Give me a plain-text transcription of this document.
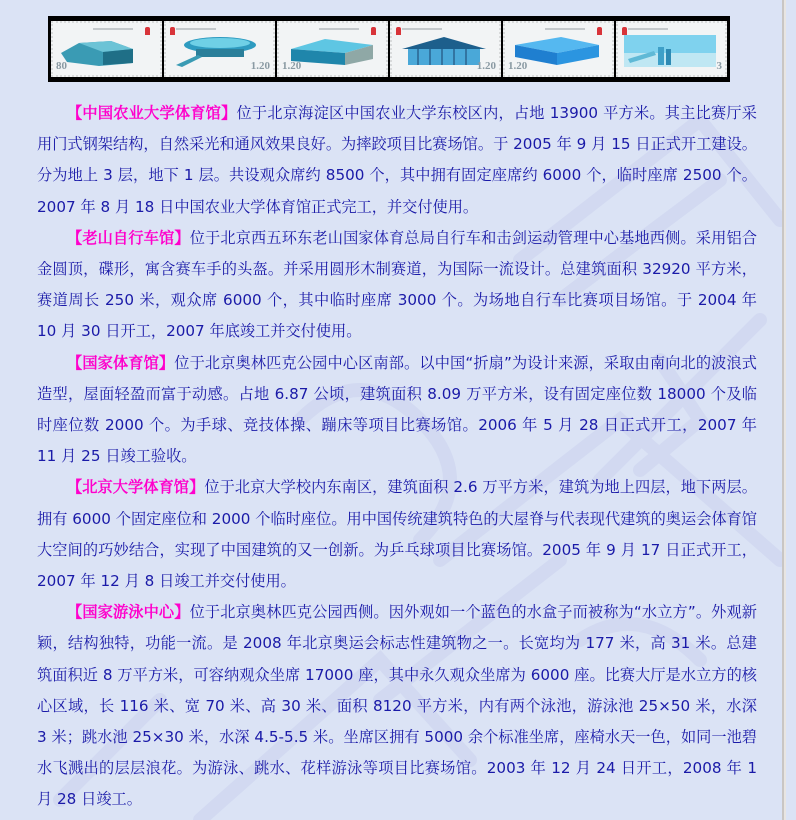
80	1.20 1.20	1.20 1.20	3

【中国农业大学体育馆】位于北京海淀区中国农业大学东校区内，占地 13900 平方米。其主比赛厅采用门式钢架结构，自然采光和通风效果良好。为摔跤项目比赛场馆。于 2005 年 9 月 15 日正式开工建设。分为地上 3 层，地下 1 层。共设观众席约 8500 个，其中拥有固定座席约 6000 个，临时座席 2500 个。2007 年 8 月 18 日中国农业大学体育馆正式完工，并交付使用。

【老山自行车馆】位于北京西五环东老山国家体育总局自行车和击剑运动管理中心基地西侧。采用铝合金圆顶，碟形，寓含赛车手的头盔。并采用圆形木制赛道，为国际一流设计。总建筑面积 32920 平方米，赛道周长 250 米，观众席 6000 个，其中临时座席 3000 个。为场地自行车比赛项目场馆。于 2004 年 10 月 30 日开工，2007 年底竣工并交付使用。

【国家体育馆】位于北京奥林匹克公园中心区南部。以中国“折扇”为设计来源，采取由南向北的波浪式造型，屋面轻盈而富于动感。占地 6.87 公顷，建筑面积 8.09 万平方米，设有固定座位数 18000 个及临时座位数 2000 个。为手球、竞技体操、蹦床等项目比赛场馆。2006 年 5 月 28 日正式开工，2007 年 11 月 25 日竣工验收。

【北京大学体育馆】位于北京大学校内东南区，建筑面积 2.6 万平方米，建筑为地上四层，地下两层。拥有 6000 个固定座位和 2000 个临时座位。用中国传统建筑特色的大屋脊与代表现代建筑的奥运会体育馆大空间的巧妙结合，实现了中国建筑的又一创新。为乒乓球项目比赛场馆。2005 年 9 月 17 日正式开工，2007 年 12 月 8 日竣工并交付使用。

【国家游泳中心】位于北京奥林匹克公园西侧。因外观如一个蓝色的水盒子而被称为“水立方”。外观新颖，结构独特，功能一流。是 2008 年北京奥运会标志性建筑物之一。长宽均为 177 米，高 31 米。总建筑面积近 8 万平方米，可容纳观众坐席 17000 座，其中永久观众坐席为 6000 座。比赛大厅是水立方的核心区域，长 116 米、宽 70 米、高 30 米、面积 8120 平方米，内有两个泳池，游泳池 25×50 米，水深 3 米；跳水池 25×30 米，水深 4.5-5.5 米。坐席区拥有 5000 余个标准坐席，座椅水天一色，如同一池碧水飞溅出的层层浪花。为游泳、跳水、花样游泳等项目比赛场馆。2003 年 12 月 24 日开工，2008 年 1 月 28 日竣工。
